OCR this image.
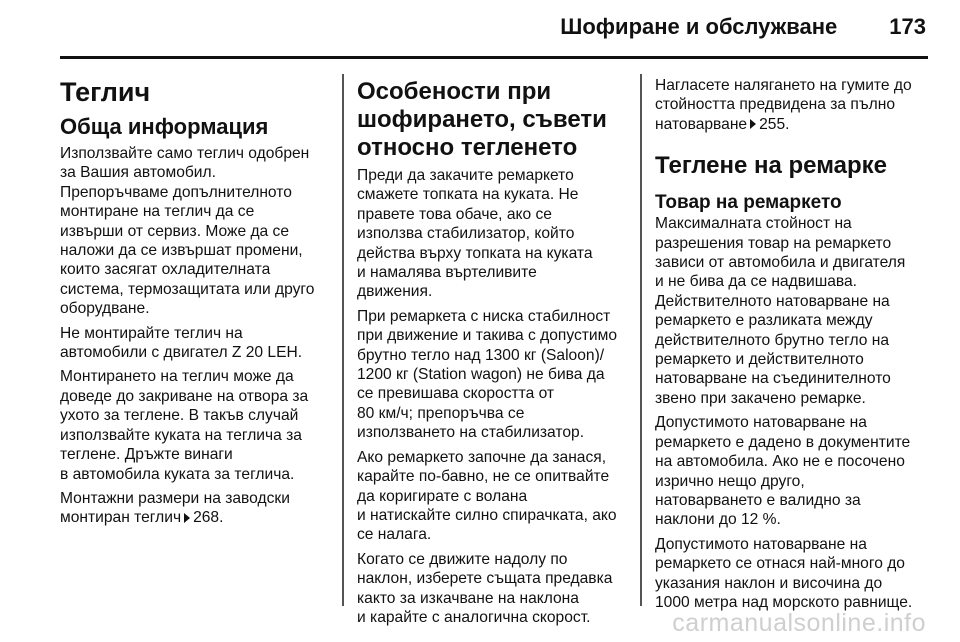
Шофиране и обслужване 173
Теглич
Обща информация

Използвайте само теглич одобрен
за Вашия автомобил.
Препоръчваме допълнителното
монтиране на теглич да се
извърши от сервиз. Може да се
наложи да се извършат промени,
които засягат охладителната
система, термозащитата или друго
оборудване.

Не монтирайте теглич на
автомобили с двигател Z 20 LEH.

Монтирането на теглич може да
доведе до закриване на отвора за
ухото за теглене. В такъв случай
използвайте куката на теглича за
теглене. Дръжте винаги
в автомобила куката за теглича.

Монтажни размери на заводски
монтиран теглич 268.

Особености при
шофирането, съвети
относно тегленето

Преди да закачите ремаркето
смажете топката на куката. Не
правете това обаче, ако се
използва стабилизатор, който
действа върху топката на куката
и намалява въртеливите
движения.

При ремаркета с ниска стабилност
при движение и такива с допустимо
брутно тегло над 1300 кг (Saloon)/
1200 кг (Station wagon) не бива да
се превишава скоростта от
80 км/ч; препоръчва се
използването на стабилизатор.

Ако ремаркето започне да занася,
карайте по-бавно, не се опитвайте
да коригирате с волана
и натискайте силно спирачката, ако
се налага.

Когато се движите надолу по
наклон, изберете същата предавка
както за изкачване на наклона
и карайте с аналогична скорост.

Нагласете налягането на гумите до
стойността предвидена за пълно
натоварване 255.

Теглене на ремарке
Товар на ремаркето

Максималната стойност на
разрешения товар на ремаркето
зависи от автомобила и двигателя
и не бива да се надвишава.
Действителното натоварване на
ремаркето е разликата между
действителното брутно тегло на
ремаркето и действителното
натоварване на съединителното
звено при закачено ремарке.

Допустимото натоварване на
ремаркето е дадено в документите
на автомобила. Ако не е посочено
изрично нещо друго,
натоварването е валидно за
наклони до 12 %.

Допустимото натоварване на
ремаркето се отнася най-много до
указания наклон и височина до
1000 метра над морското равнище.

carmanualsonline.info
